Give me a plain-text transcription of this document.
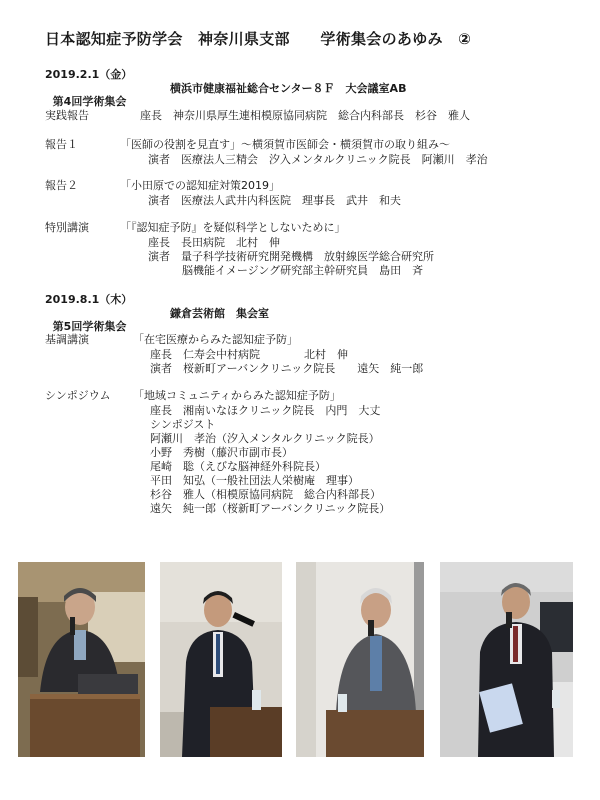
日本認知症予防学会　神奈川県支部　　学術集会のあゆみ　②
2019.2.1（金）

第4回学術集会

横浜市健康福祉総合センター８Ｆ　大会議室AB

実践報告	座長　神奈川県厚生連相模原協同病院　総合内科部長　杉谷　雅人
報告１	「医師の役割を見直す」～横須賀市医師会・横須賀市の取り組み～
演者　医療法人三精会　汐入メンタルクリニック院長　阿瀬川　孝治
報告２	「小田原での認知症対策2019」
演者　医療法人武井内科医院　理事長　武井　和夫
特別講演	「『認知症予防』を疑似科学としないために」
座長　長田病院　北村　伸
演者　量子科学技術研究開発機構　放射線医学総合研究所
脳機能イメージング研究部主幹研究員　島田　斉
2019.8.1（木）

第5回学術集会

鎌倉芸術館　集会室

基調講演	「在宅医療からみた認知症予防」
座長　仁寿会中村病院　　　　北村　伸
演者　桜新町アーバンクリニック院長　　遠矢　純一郎
シンポジウム 「地域コミュニティからみた認知症予防」
座長　湘南いなほクリニック院長　内門　大丈
シンポジスト
阿瀬川　孝治（汐入メンタルクリニック院長）
小野　秀樹（藤沢市副市長）
尾崎　聡（えびな脳神経外科院長）
平田　知弘（一般社団法人栄樹庵　理事）
杉谷　雅人（相模原協同病院　総合内科部長）
遠矢　純一郎（桜新町アーバンクリニック院長）
